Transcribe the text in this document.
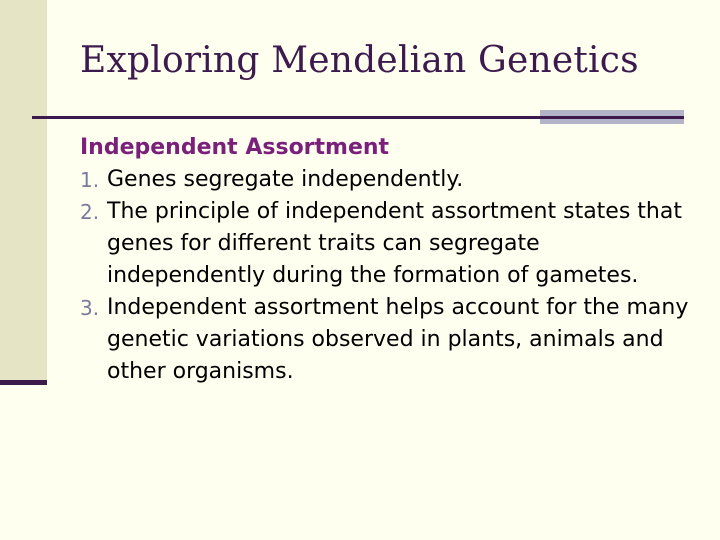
Exploring Mendelian Genetics
Independent Assortment
1. Genes segregate independently.
2. The principle of independent assortment states that genes for different traits can segregate independently during the formation of gametes.
3. Independent assortment helps account for the many genetic variations observed in plants, animals and other organisms.
